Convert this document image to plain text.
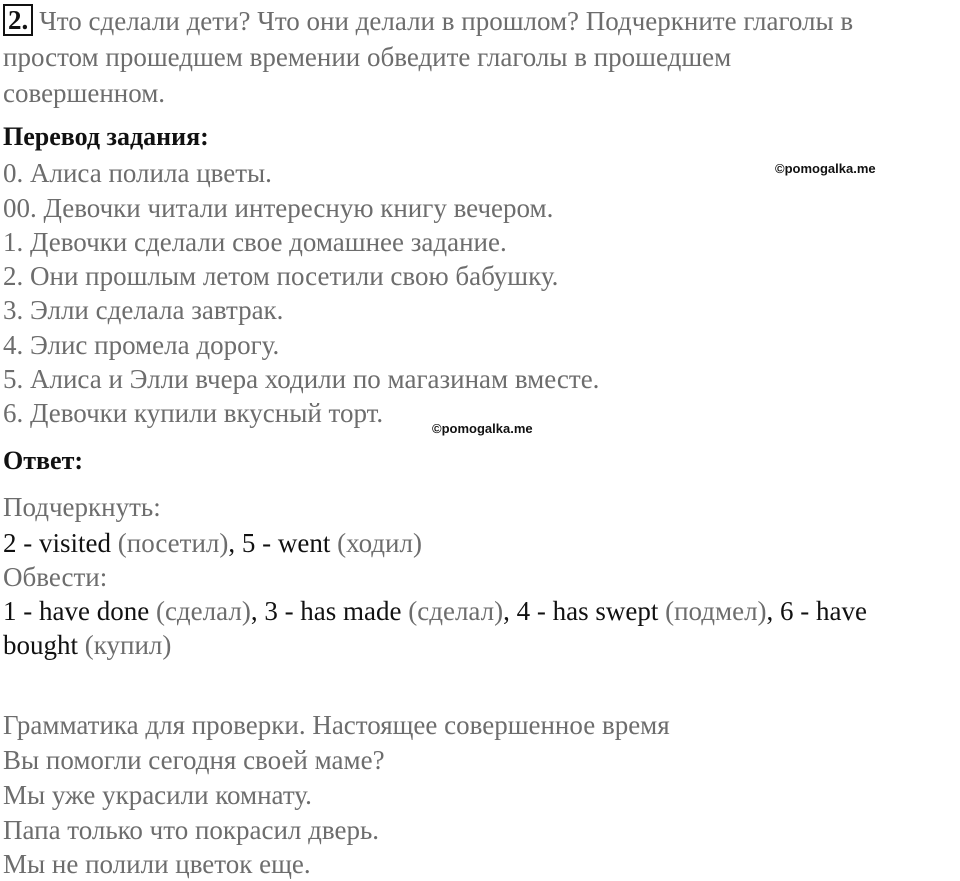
2. Что сделали дети? Что они делали в прошлом? Подчеркните глаголы в

простом прошедшем времении обведите глаголы в прошедшем

совершенном.

Перевод задания:

0. Алиса полила цветы.

00. Девочки читали интересную книгу вечером.

1. Девочки сделали свое домашнее задание.

2. Они прошлым летом посетили свою бабушку.

3. Элли сделала завтрак.

4. Элис промела дорогу.

5. Алиса и Элли вчера ходили по магазинам вместе.

6. Девочки купили вкусный торт.

©pomogalka.me
©pomogalka.me

Ответ:

Подчеркнуть:

2 - visited (посетил), 5 - went (ходил)

Обвести:

1 - have done (сделал), 3 - has made (сделал), 4 - has swept (подмел), 6 - have

bought (купил)

Грамматика для проверки. Настоящее совершенное время

Вы помогли сегодня своей маме?

Мы уже украсили комнату.

Папа только что покрасил дверь.

Мы не полили цветок еще.
